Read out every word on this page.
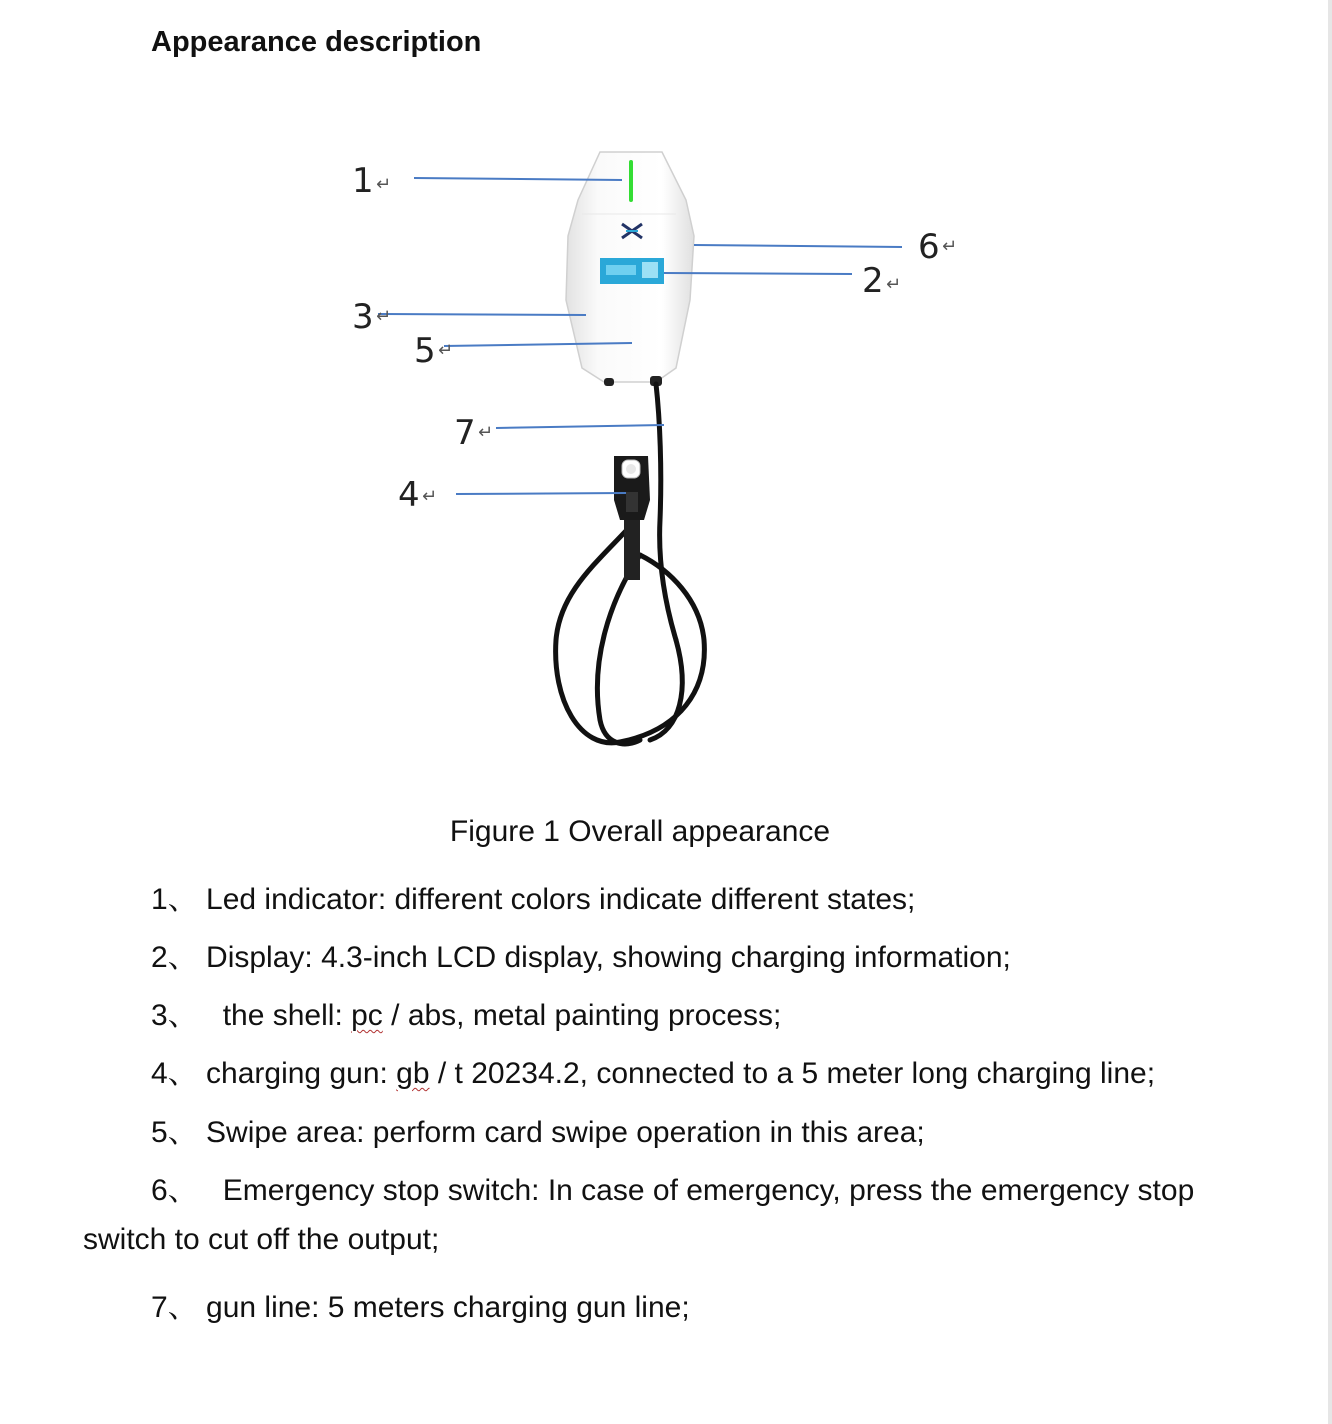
Appearance description
1 ↵
2 ↵
3 ↵
4 ↵
5 ↵
6 ↵
7 ↵
Figure 1 Overall appearance
1、 Led indicator: different colors indicate different states;
2、 Display: 4.3-inch LCD display, showing charging information;
3、 the shell: pc / abs, metal painting process;
4、 charging gun: gb / t 20234.2, connected to a 5 meter long charging line;
5、 Swipe area: perform card swipe operation in this area;
6、 Emergency stop switch: In case of emergency, press the emergency stop
switch to cut off the output;
7、 gun line: 5 meters charging gun line;
